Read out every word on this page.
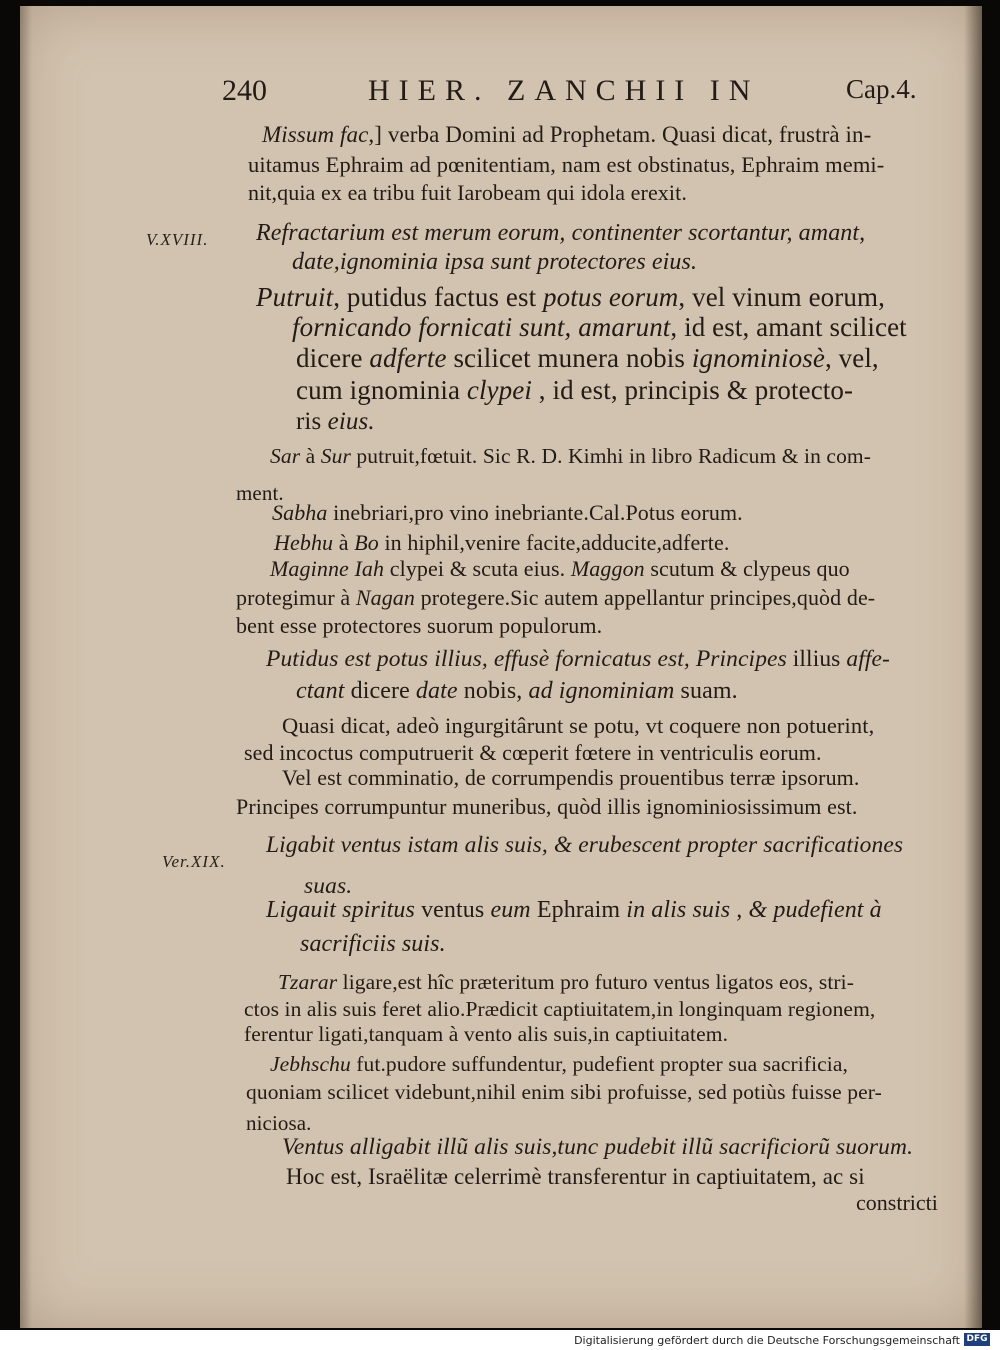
240	HIER. ZANCHII IN	Cap.4.
V.XVIII.
Ver.XIX.
Missum fac,] verba Domini ad Prophetam. Quasi dicat, frustrà in-
uitamus Ephraim ad pœnitentiam, nam est obstinatus, Ephraim memi-
nit,quia ex ea tribu fuit Iarobeam qui idola erexit.
Refractarium est merum eorum, continenter scortantur, amant,
date,ignominia ipsa sunt protectores eius.
Putruit, putidus factus est potus eorum, vel vinum eorum,
fornicando fornicati sunt, amarunt, id est, amant scilicet
dicere adferte scilicet munera nobis ignominiosè, vel,
cum ignominia clypei , id est, principis & protecto-
ris eius.
Sar à Sur putruit,fœtuit. Sic R. D. Kimhi in libro Radicum & in com-
ment.
Sabha inebriari,pro vino inebriante.Cal.Potus eorum.
Hebhu à Bo in hiphil,venire facite,adducite,adferte.
Maginne Iah clypei & scuta eius. Maggon scutum & clypeus quo
protegimur à Nagan protegere.Sic autem appellantur principes,quòd de-
bent esse protectores suorum populorum.
Putidus est potus illius, effusè fornicatus est, Principes illius affe-
ctant dicere date nobis, ad ignominiam suam.
Quasi dicat, adeò ingurgitârunt se potu, vt coquere non potuerint,
sed incoctus computruerit & cœperit fœtere in ventriculis eorum.
Vel est comminatio, de corrumpendis prouentibus terræ ipsorum.
Principes corrumpuntur muneribus, quòd illis ignominiosissimum est.
Ligabit ventus istam alis suis, & erubescent propter sacrificationes
suas.
Ligauit spiritus ventus eum Ephraim in alis suis , & pudefient à
sacrificiis suis.
Tzarar ligare,est hîc præteritum pro futuro ventus ligatos eos, stri-
ctos in alis suis feret alio.Prædicit captiuitatem,in longinquam regionem,
ferentur ligati,tanquam à vento alis suis,in captiuitatem.
Jebhschu fut.pudore suffundentur, pudefient propter sua sacrificia,
quoniam scilicet videbunt,nihil enim sibi profuisse, sed potiùs fuisse per-
niciosa.
Ventus alligabit illũ alis suis,tunc pudebit illũ sacrificiorũ suorum.
Hoc est, Israëlitæ celerrimè transferentur in captiuitatem, ac si
constricti
Digitalisierung gefördert durch die Deutsche Forschungsgemeinschaft DFG
